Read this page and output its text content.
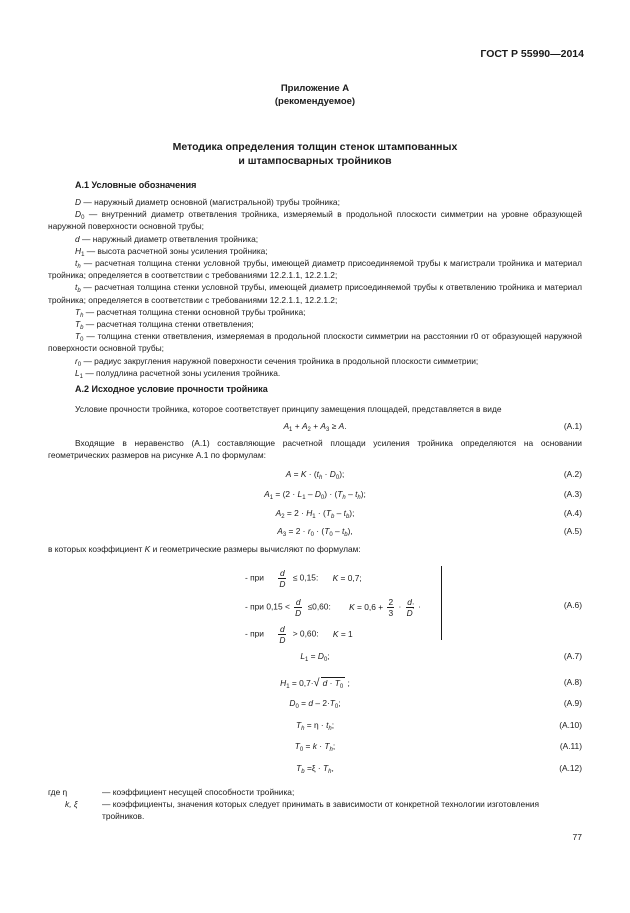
ГОСТ Р 55990—2014
Приложение А
(рекомендуемое)
Методика определения толщин стенок штампованных
и штампосварных тройников
А.1 Условные обозначения

D — наружный диаметр основной (магистральной) трубы тройника;

$D_0$ — внутренний диаметр ответвления тройника, измеряемый в продольной плоскости симметрии на уровне образующей наружной поверхности основной трубы;

d — наружный диаметр ответвления тройника;

$H_1$ — высота расчетной зоны усиления тройника;

$t_h$ — расчетная толщина стенки условной трубы, имеющей диаметр присоединяемой трубы к магистрали тройника и материал тройника; определяется в соответствии с требованиями 12.2.1.1, 12.2.1.2;

$t_b$ — расчетная толщина стенки условной трубы, имеющей диаметр присоединяемой трубы к ответвлению тройника и материал тройника; определяется в соответствии с требованиями 12.2.1.1, 12.2.1.2;

$T_h$ — расчетная толщина стенки основной трубы тройника;

$T_b$ — расчетная толщина стенки ответвления;

$T_0$ — толщина стенки ответвления, измеряемая в продольной плоскости симметрии на расстоянии r0 от образующей наружной поверхности основной трубы;

$r_0$ — радиус закругления наружной поверхности сечения тройника в продольной плоскости симметрии;

$L_1$ — полудлина расчетной зоны усиления тройника.

А.2 Исходное условие прочности тройника
Условие прочности тройника, которое соответствует принципу замещения площадей, представляется в виде
$A_1 + A_2 + A_3 \ge A$.	(А.1)
Входящие в неравенство (А.1) составляющие расчетной площади усиления тройника определяются на основании геометрических размеров на рисунке А.1 по формулам:
$A = K \cdot (t_h \cdot D_0)$;	(А.2)
$A_1 = (2 \cdot L_1 - D_0) \cdot (T_h - t_h)$;	(А.3)
$A_2 = 2 \cdot H_1 \cdot (T_b - t_b)$;	(А.4)
$A_3 = 2 \cdot r_0 \cdot (T_0 - t_b)$,	(А.5)
в которых коэффициент K и геометрические размеры вычисляют по формулам:
- при $\frac{d}{D} \le 0,15$: K = 0,7;
- при $0,15 < \frac{d}{D} \le 0,60$: $K = 0,6 + \frac{2}{3} \cdot \frac{d}{D}$ ·
- при $\frac{d}{D} > 0,60$: K = 1
;	(А.6)
$L_1 = D_0$;	(А.7)
$H_1 = 0,7\cdot√$ $d \cdot T_0$ ;	(А.8)
$D_0 = d - 2\cdot T_0$;	(А.9)
$T_h = \eta \cdot t_h$;	(А.10)
$T_0 = k \cdot T_h$;	(А.11)
$T_b =\xi \cdot T_h$,	(А.12)
где η	— коэффициент несущей способности тройника;
k, ξ	— коэффициенты, значения которых следует принимать в зависимости от конкретной технологии изготовления тройников.
77
